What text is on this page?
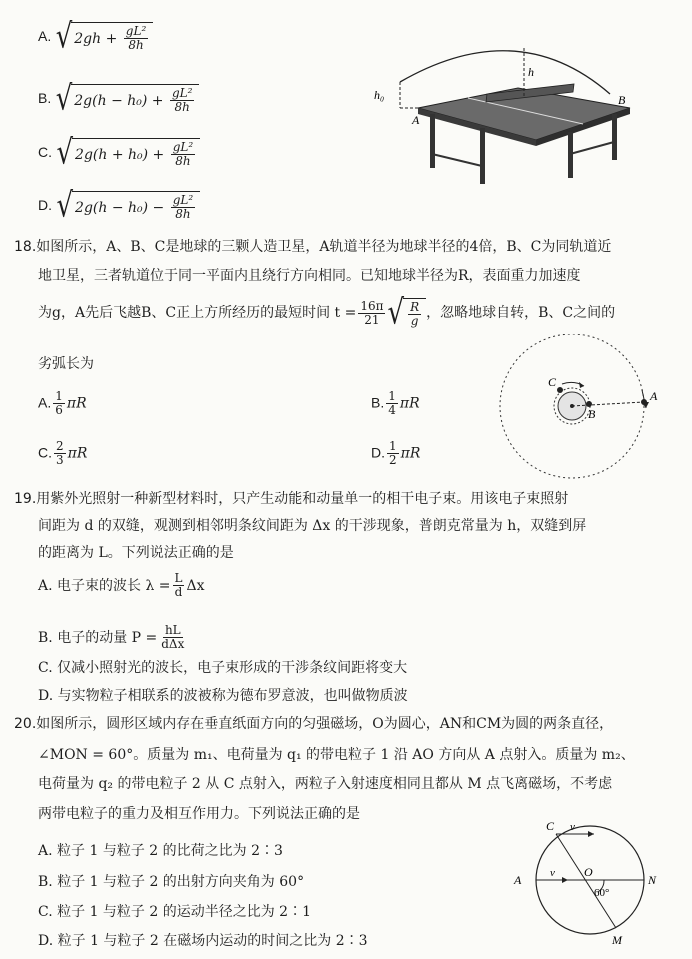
A. √ $2gh + \frac{\text{gL²}}{8h}$
B. √ $2g(h - h_0) + \frac{\text{gL²}}{8h}$
C. √ $2g(h + h_0) + \frac{\text{gL²}}{8h}$
D. √ $2g(h - h_0) - \frac{\text{gL²}}{8h}$
h₀
h
A
B
18.如图所示，A、B、C是地球的三颗人造卫星，A轨道半径为地球半径的4倍，B、C为同轨道近
地卫星，三者轨道位于同一平面内且绕行方向相同。已知地球半径为R，表面重力加速度
为g，A先后飞越B、C正上方所经历的最短时间 $t = \frac{16\pi}{21}$ √ $\frac{R}{g}$ ，忽略地球自转，B、C之间的
劣弧长为
A. $\frac{1}{6}$ πR	B. $\frac{1}{4}$ πR
C. $\frac{2}{3}$ πR	D. $\frac{1}{2}$ πR
A
B
C
19.用紫外光照射一种新型材料时，只产生动能和动量单一的相干电子束。用该电子束照射
间距为 d 的双缝，观测到相邻明条纹间距为 Δx 的干涉现象，普朗克常量为 h，双缝到屏
的距离为 L。下列说法正确的是
A. 电子束的波长 $\lambda = \frac{L}{d}$ Δx
B. 电子的动量 $P = \frac{hL}{\text{dΔx}}$
C. 仅减小照射光的波长，电子束形成的干涉条纹间距将变大
D. 与实物粒子相联系的波被称为德布罗意波，也叫做物质波
20.如图所示，圆形区域内存在垂直纸面方向的匀强磁场，O为圆心，AN和CM为圆的两条直径，
∠MON = 60°。质量为 m₁、电荷量为 q₁ 的带电粒子 1 沿 AO 方向从 A 点射入。质量为 m₂、
电荷量为 q₂ 的带电粒子 2 从 C 点射入，两粒子入射速度相同且都从 M 点飞离磁场，不考虑
两带电粒子的重力及相互作用力。下列说法正确的是
A. 粒子 1 与粒子 2 的比荷之比为 2∶3
B. 粒子 1 与粒子 2 的出射方向夹角为 60°
C. 粒子 1 与粒子 2 的运动半径之比为 2∶1
D. 粒子 1 与粒子 2 在磁场内运动的时间之比为 2∶3
A
C
O
N
M
v
v
60°
